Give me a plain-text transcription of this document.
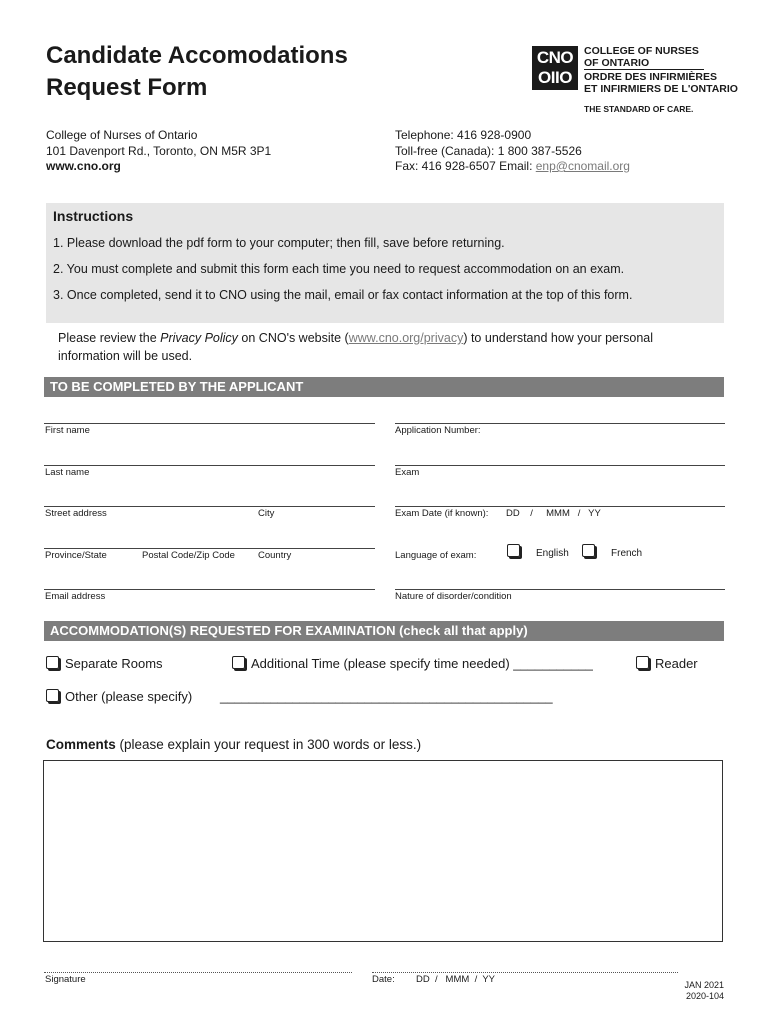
Candidate Accomodations
Request Form
CNO
OIIO
COLLEGE OF NURSES
OF ONTARIO
ORDRE DES INFIRMIÈRES
ET INFIRMIERS DE L'ONTARIO
THE STANDARD OF CARE.
College of Nurses of Ontario
101 Davenport Rd., Toronto, ON M5R 3P1
www.cno.org
Telephone: 416 928-0900
Toll-free (Canada): 1 800 387-5526
Fax: 416 928-6507 Email: enp@cnomail.org
Instructions
1. Please download the pdf form to your computer; then fill, save before returning.
2. You must complete and submit this form each time you need to request accommodation on an exam.
3. Once completed, send it to CNO using the mail, email or fax contact information at the top of this form.
Please review the Privacy Policy on CNO's website (www.cno.org/privacy) to understand how your personal information will be used.
TO BE COMPLETED BY THE APPLICANT
First name	Application Number:
Last name	Exam
Street address	City	Exam Date (if known): DD    /     MMM   /   YY
Province/State	Postal Code/Zip Code Country	Language of exam:	English	French
Email address	Nature of disorder/condition
ACCOMMODATION(S) REQUESTED FOR EXAMINATION (check all that apply)
Separate Rooms	Additional Time (please specify time needed) ___________	Reader
Other (please specify) ______________________________________________
Comments (please explain your request in 300 words or less.)
Signature	Date: DD  /   MMM  /  YY	JAN 2021
2020-104
